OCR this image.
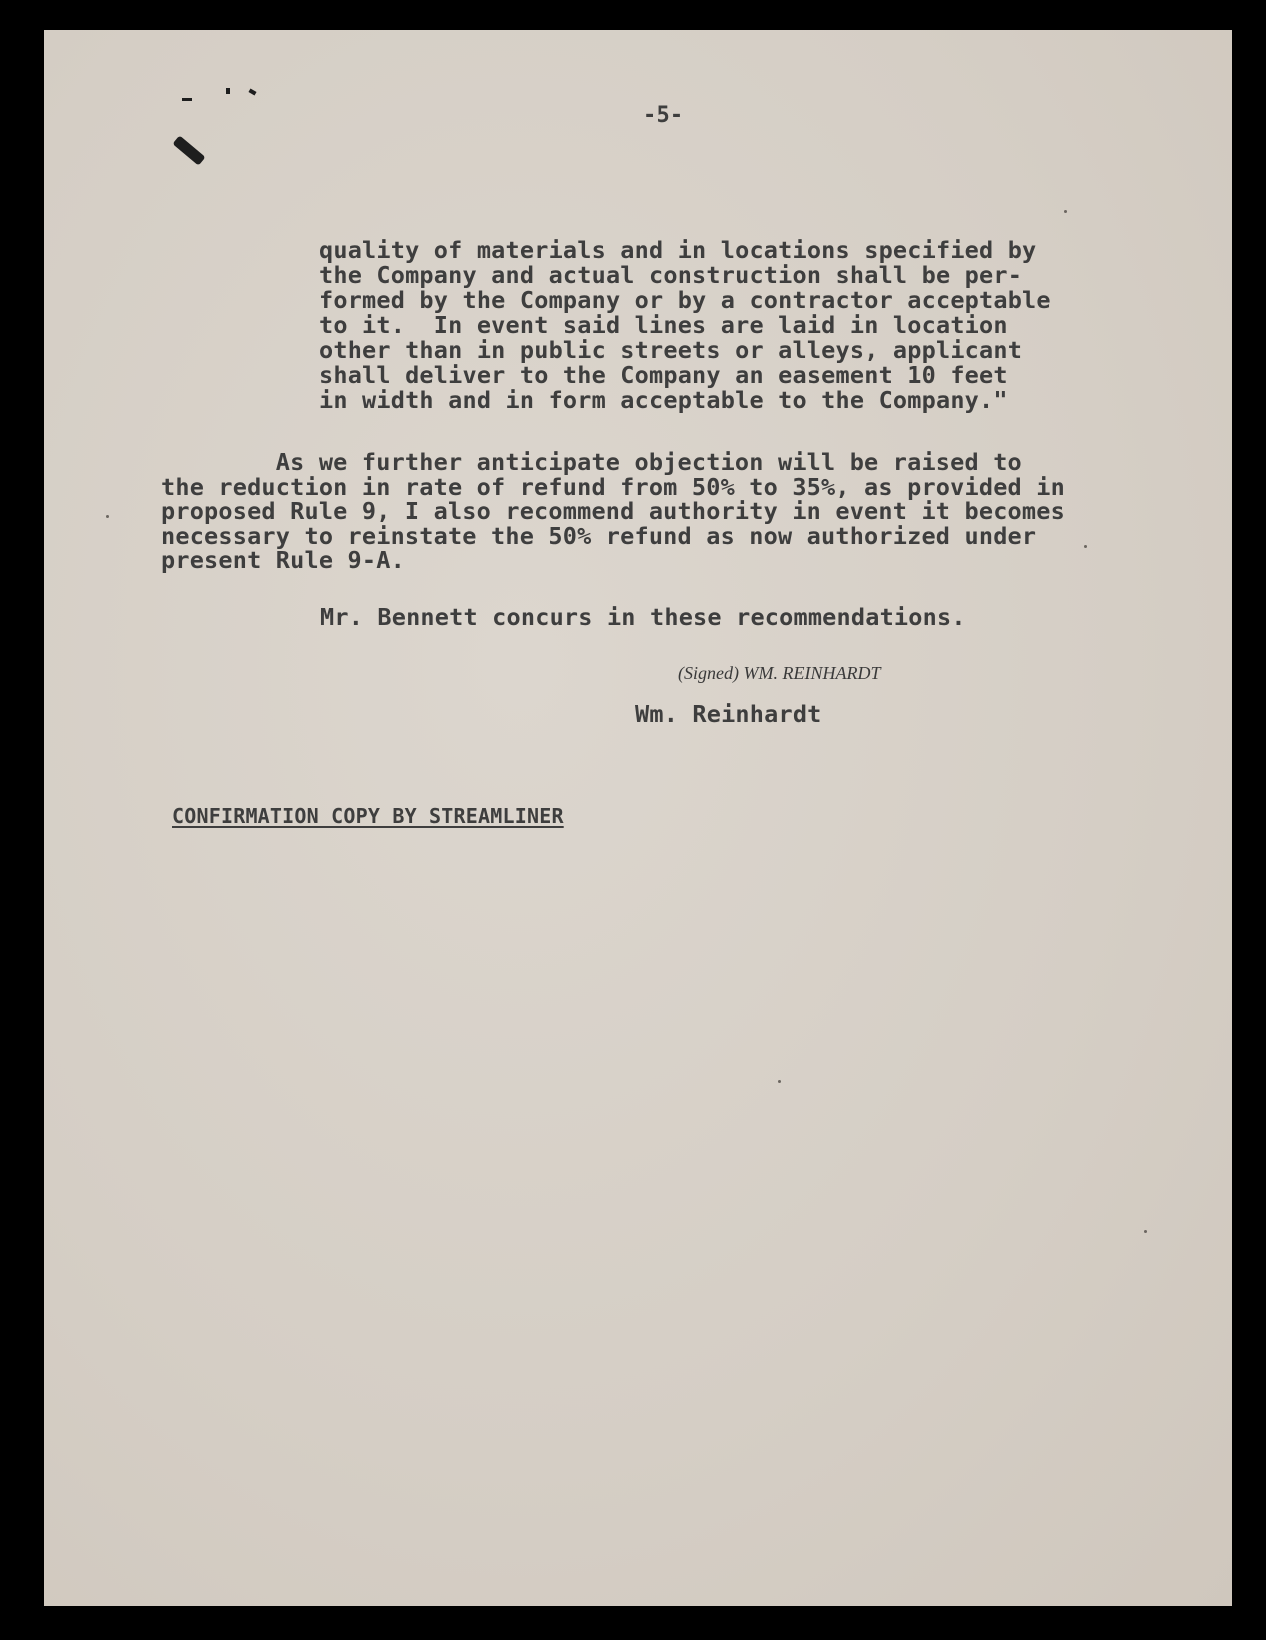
-5-

quality of materials and in locations specified by
the Company and actual construction shall be per-
formed by the Company or by a contractor acceptable
to it.  In event said lines are laid in location
other than in public streets or alleys, applicant
shall deliver to the Company an easement 10 feet
in width and in form acceptable to the Company."

As we further anticipate objection will be raised to
the reduction in rate of refund from 50% to 35%, as provided in
proposed Rule 9, I also recommend authority in event it becomes
necessary to reinstate the 50% refund as now authorized under
present Rule 9-A.

Mr. Bennett concurs in these recommendations.

(Signed) WM. REINHARDT

Wm. Reinhardt

CONFIRMATION COPY BY STREAMLINER
